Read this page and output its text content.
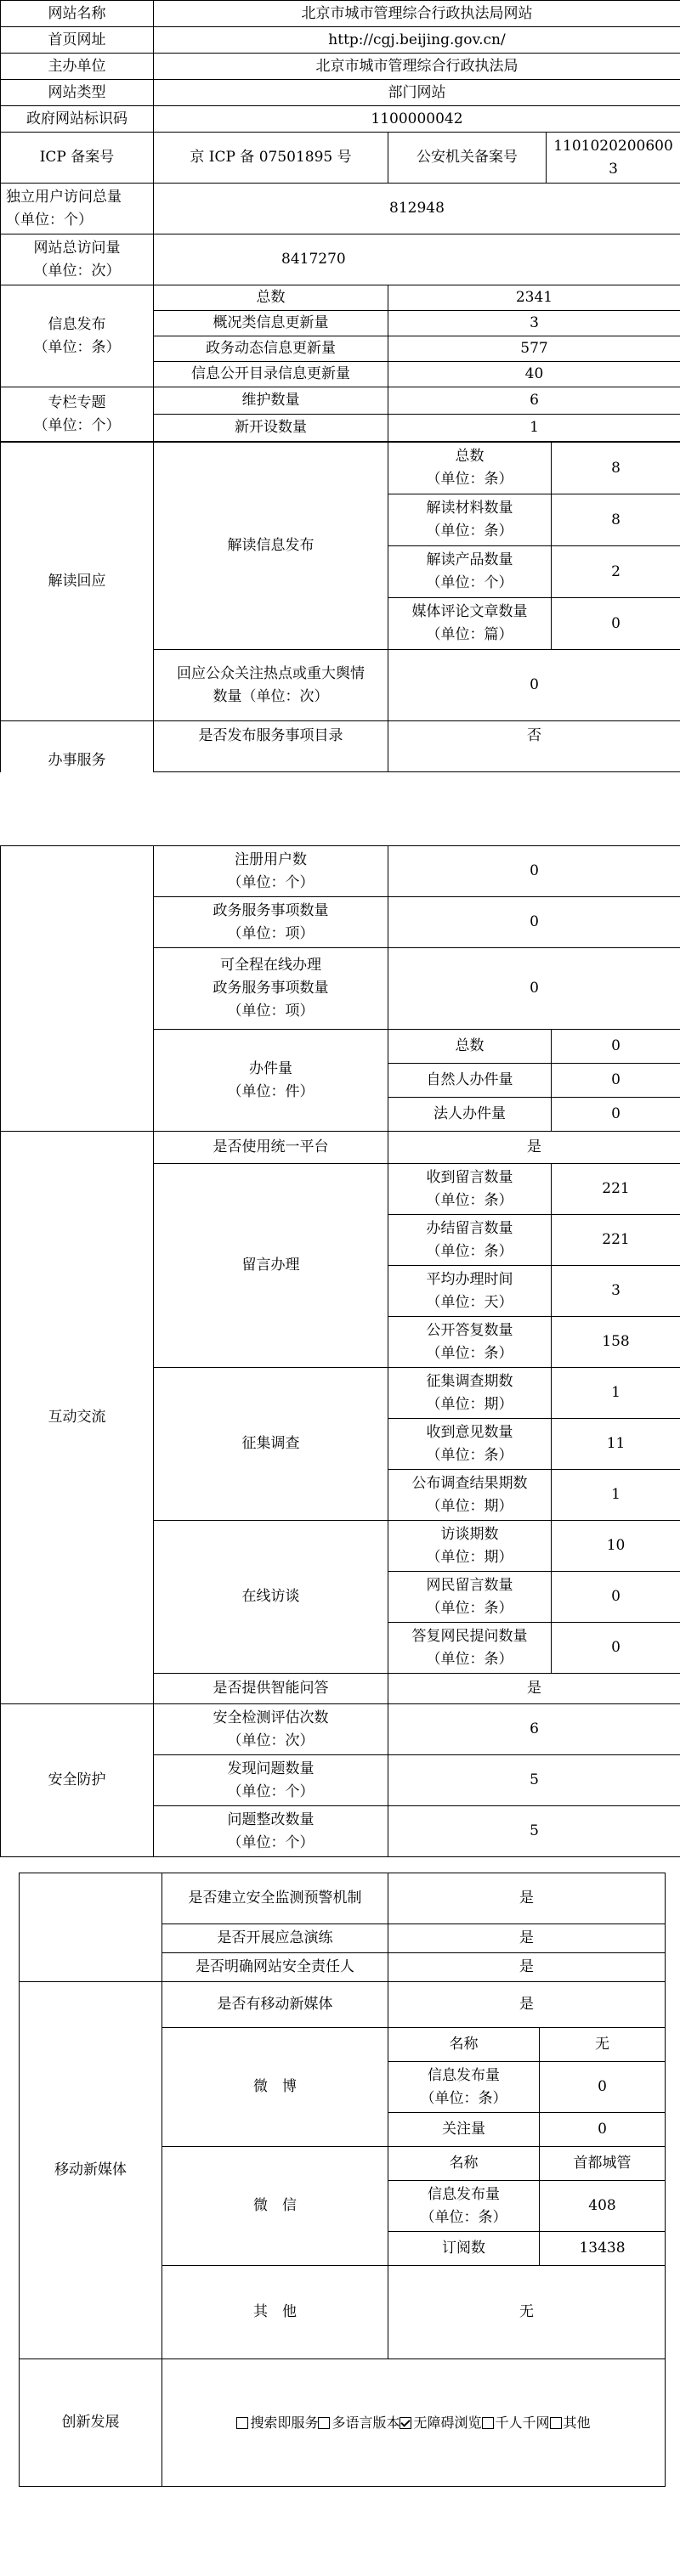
网站名称	北京市城市管理综合行政执法局网站		
首页网址	http://cgj.beijing.gov.cn/		
主办单位	北京市城市管理综合行政执法局		
网站类型	部门网站		
政府网站标识码	1100000042		
ICP 备案号	京 ICP 备 07501895 号	公安机关备案号	11010202006003
独立用户访问总量（单位：个）	812948		
网站总访问量
（单位：次）	8417270		
信息发布
（单位：条）	总数	2341	
	概况类信息更新量	3	
	政务动态信息更新量	577	
	信息公开目录信息更新量	40	
专栏专题
（单位：个）	维护数量	6	
	新开设数量	1	
解读回应	解读信息发布	总数
（单位：条）	8
		解读材料数量
（单位：条）	8
		解读产品数量
（单位：个）	2
		媒体评论文章数量
（单位：篇）	0
	回应公众关注热点或重大舆情数量（单位：次）	0	
办事服务	是否发布服务事项目录	否	
	注册用户数
（单位：个）	0	
	政务服务事项数量
（单位：项）	0	
	可全程在线办理
政务服务事项数量
（单位：项）	0	
	办件量
（单位：件）	总数	0
		自然人办件量	0
		法人办件量	0
互动交流	是否使用统一平台	是	
	留言办理	收到留言数量
（单位：条）	221
		办结留言数量
（单位：条）	221
		平均办理时间
（单位：天）	3
		公开答复数量
（单位：条）	158
	征集调查	征集调查期数
（单位：期）	1
		收到意见数量
（单位：条）	11
		公布调查结果期数
（单位：期）	1
	在线访谈	访谈期数
（单位：期）	10
		网民留言数量
（单位：条）	0
		答复网民提问数量
（单位：条）	0
	是否提供智能问答	是	
安全防护	安全检测评估次数
（单位：次）	6	
	发现问题数量
（单位：个）	5	
	问题整改数量
（单位：个）	5	
	是否建立安全监测预警机制	是	
	是否开展应急演练	是	
	是否明确网站安全责任人	是	
移动新媒体	是否有移动新媒体	是	
	微　博	名称	无
		信息发布量
（单位：条）	0
		关注量	0
	微　信	名称	首都城管
		信息发布量
（单位：条）	408
		订阅数	13438
	其　他	无	
创新发展	搜索即服务 多语言版本 无障碍浏览 千人千网 其他		
